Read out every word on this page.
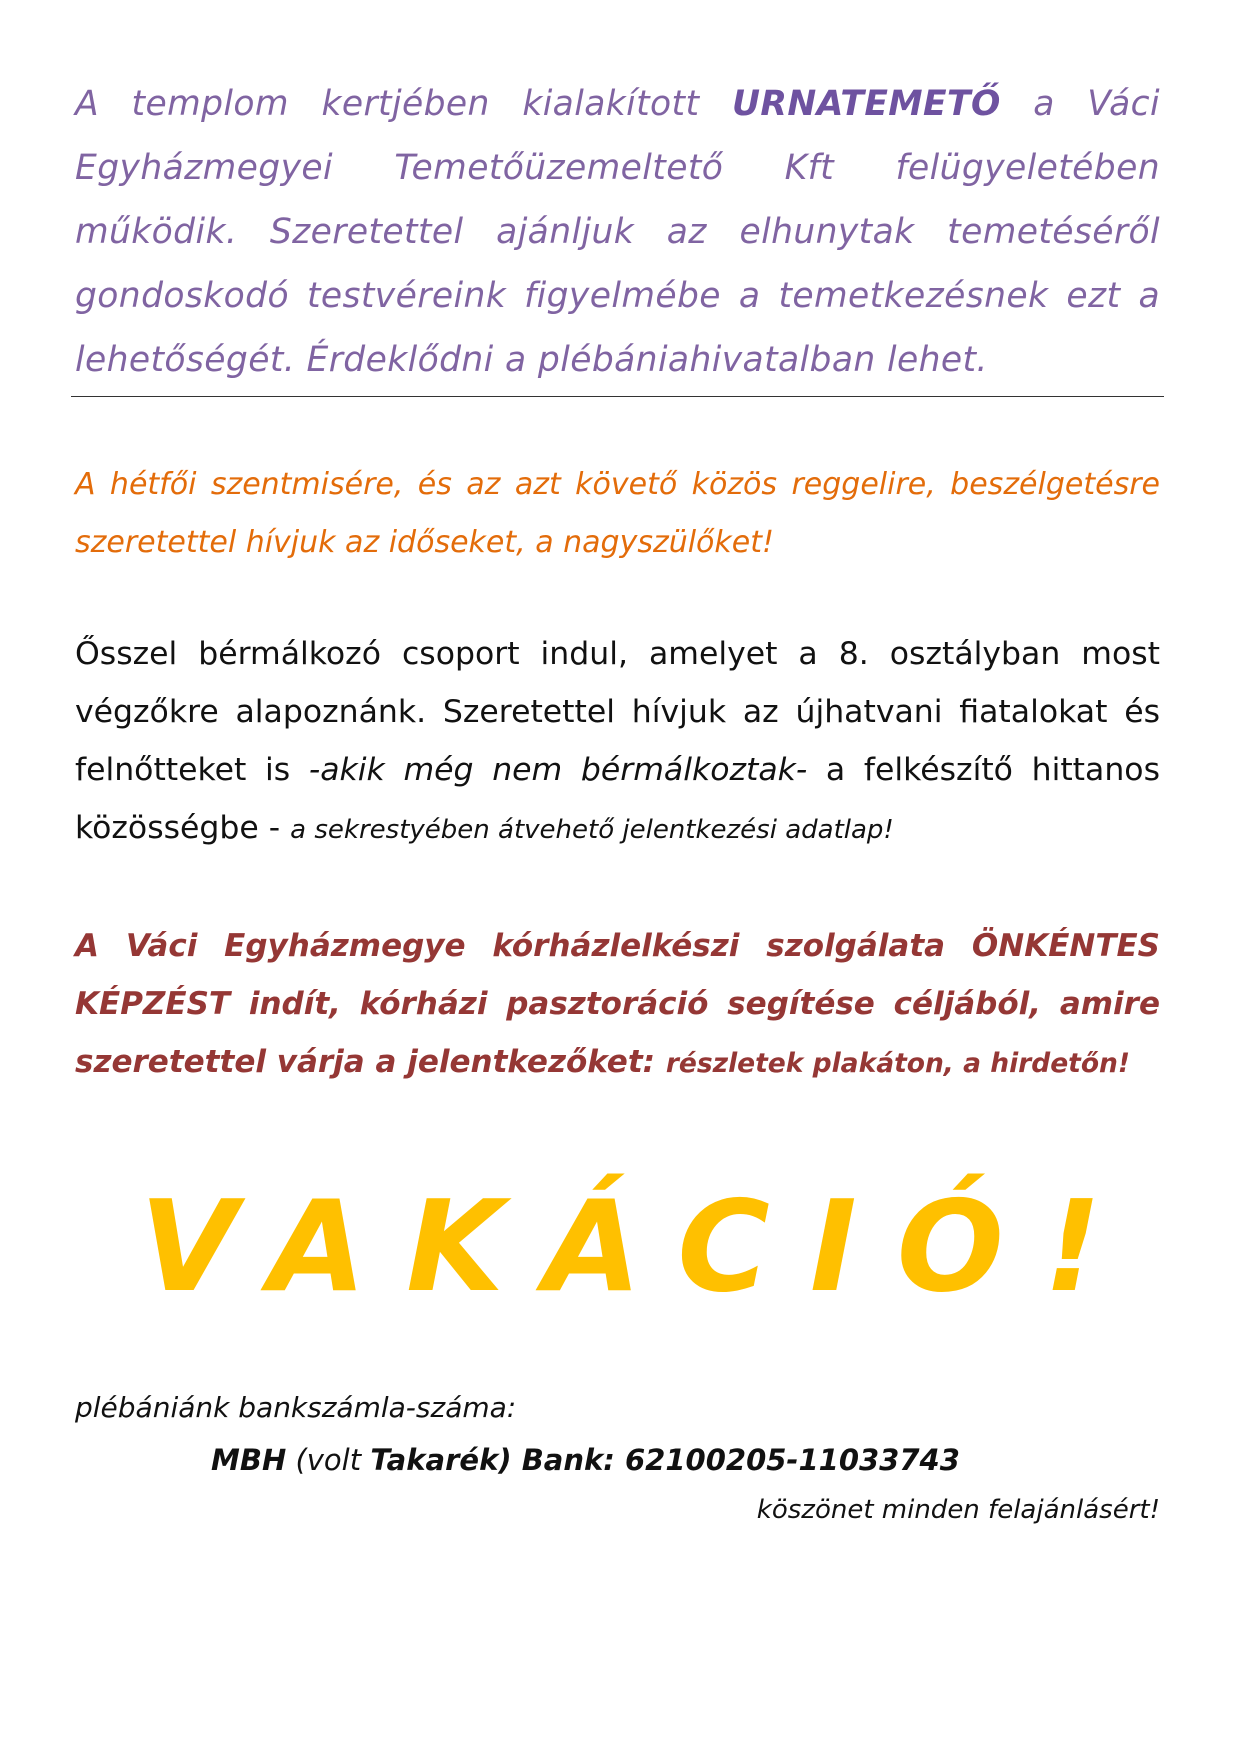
A templom kertjében kialakított URNATEMETŐ a Váci Egyházmegyei Temetőüzemeltető Kft felügyeletében működik. Szeretettel ajánljuk az elhunytak temetéséről gondoskodó testvéreink figyelmébe a temetkezésnek ezt a lehetőségét. Érdeklődni a plébániahivatalban lehet.

A hétfői szentmisére, és az azt követő közös reggelire, beszélgetésre szeretettel hívjuk az időseket, a nagyszülőket!

Ősszel bérmálkozó csoport indul, amelyet a 8. osztályban most végzőkre alapoznánk. Szeretettel hívjuk az újhatvani fiatalokat és felnőtteket is -akik még nem bérmálkoztak- a felkészítő hittanos közösségbe - a sekrestyében átvehető jelentkezési adatlap!

A Váci Egyházmegye kórházlelkészi szolgálata ÖNKÉNTES KÉPZÉST indít, kórházi pasztoráció segítése céljából, amire szeretettel várja a jelentkezőket: részletek plakáton, a hirdetőn!

VAKÁCIÓ!
plébániánk bankszámla-száma:
MBH (volt Takarék) Bank: 62100205-11033743
köszönet minden felajánlásért!
